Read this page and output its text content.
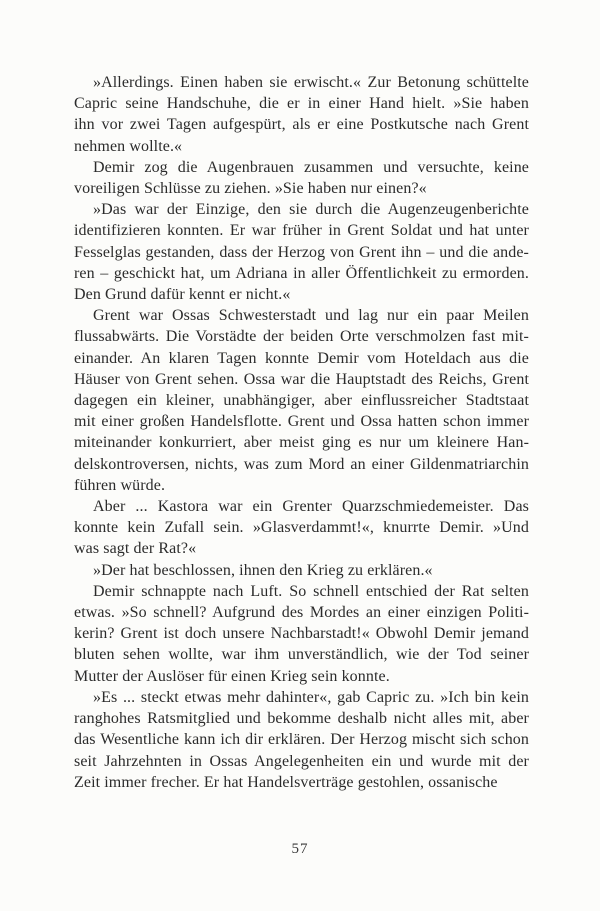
»Allerdings. Einen haben sie erwischt.« Zur Betonung schüttelte
Capric seine Handschuhe, die er in einer Hand hielt. »Sie haben
ihn vor zwei Tagen aufgespürt, als er eine Postkutsche nach Grent
nehmen wollte.«
Demir zog die Augenbrauen zusammen und versuchte, keine
voreiligen Schlüsse zu ziehen. »Sie haben nur einen?«
»Das war der Einzige, den sie durch die Augenzeugenberichte
identifizieren konnten. Er war früher in Grent Soldat und hat unter
Fesselglas gestanden, dass der Herzog von Grent ihn – und die ande-
ren – geschickt hat, um Adriana in aller Öffentlichkeit zu ermorden.
Den Grund dafür kennt er nicht.«
Grent war Ossas Schwesterstadt und lag nur ein paar Meilen
flussabwärts. Die Vorstädte der beiden Orte verschmolzen fast mit-
einander. An klaren Tagen konnte Demir vom Hoteldach aus die
Häuser von Grent sehen. Ossa war die Hauptstadt des Reichs, Grent
dagegen ein kleiner, unabhängiger, aber einflussreicher Stadtstaat
mit einer großen Handelsflotte. Grent und Ossa hatten schon immer
miteinander konkurriert, aber meist ging es nur um kleinere Han-
delskontroversen, nichts, was zum Mord an einer Gildenmatriarchin
führen würde.
Aber ... Kastora war ein Grenter Quarzschmiedemeister. Das
konnte kein Zufall sein. »Glasverdammt!«, knurrte Demir. »Und
was sagt der Rat?«
»Der hat beschlossen, ihnen den Krieg zu erklären.«
Demir schnappte nach Luft. So schnell entschied der Rat selten
etwas. »So schnell? Aufgrund des Mordes an einer einzigen Politi-
kerin? Grent ist doch unsere Nachbarstadt!« Obwohl Demir jemand
bluten sehen wollte, war ihm unverständlich, wie der Tod seiner
Mutter der Auslöser für einen Krieg sein konnte.
»Es ... steckt etwas mehr dahinter«, gab Capric zu. »Ich bin kein
ranghohes Ratsmitglied und bekomme deshalb nicht alles mit, aber
das Wesentliche kann ich dir erklären. Der Herzog mischt sich schon
seit Jahrzehnten in Ossas Angelegenheiten ein und wurde mit der
Zeit immer frecher. Er hat Handelsverträge gestohlen, ossanische
57
